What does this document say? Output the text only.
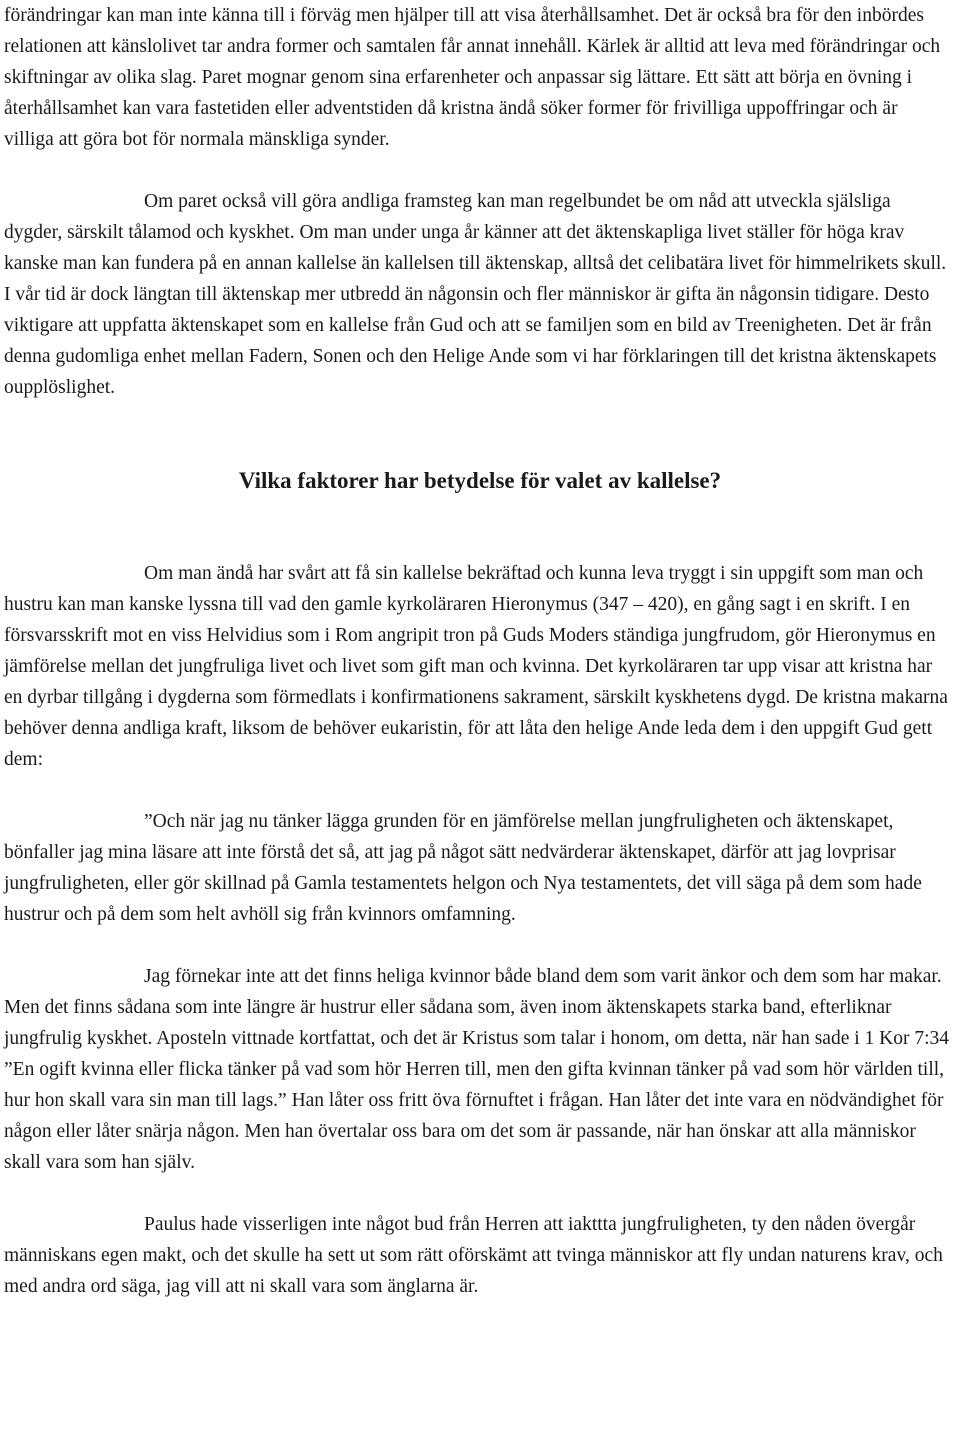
förändringar kan man inte känna till i förväg men hjälper till att visa återhållsamhet. Det är också bra för den inbördes relationen att känslolivet tar andra former och samtalen får annat innehåll. Kärlek är alltid att leva med förändringar och skiftningar av olika slag. Paret mognar genom sina erfarenheter och anpassar sig lättare. Ett sätt att börja en övning i återhållsamhet kan vara fastetiden eller adventstiden då kristna ändå söker former för frivilliga uppoffringar och är villiga att göra bot för normala mänskliga synder.

Om paret också vill göra andliga framsteg kan man regelbundet be om nåd att utveckla själsliga dygder, särskilt tålamod och kyskhet. Om man under unga år känner att det äktenskapliga livet ställer för höga krav kanske man kan fundera på en annan kallelse än kallelsen till äktenskap, alltså det celibatära livet för himmelrikets skull. I vår tid är dock längtan till äktenskap mer utbredd än någonsin och fler människor är gifta än någonsin tidigare. Desto viktigare att uppfatta äktenskapet som en kallelse från Gud och att se familjen som en bild av Treenigheten. Det är från denna gudomliga enhet mellan Fadern, Sonen och den Helige Ande som vi har förklaringen till det kristna äktenskapets oupplöslighet.

Vilka faktorer har betydelse för valet av kallelse?

Om man ändå har svårt att få sin kallelse bekräftad och kunna leva tryggt i sin uppgift som man och hustru kan man kanske lyssna till vad den gamle kyrkoläraren Hieronymus (347 – 420), en gång sagt i en skrift. I en försvarsskrift mot en viss Helvidius som i Rom angripit tron på Guds Moders ständiga jungfrudom, gör Hieronymus en jämförelse mellan det jungfruliga livet och livet som gift man och kvinna. Det kyrkoläraren tar upp visar att kristna har en dyrbar tillgång i dygderna som förmedlats i konfirmationens sakrament, särskilt kyskhetens dygd. De kristna makarna behöver denna andliga kraft, liksom de behöver eukaristin, för att låta den helige Ande leda dem i den uppgift Gud gett dem:

”Och när jag nu tänker lägga grunden för en jämförelse mellan jungfruligheten och äktenskapet, bönfaller jag mina läsare att inte förstå det så, att jag på något sätt nedvärderar äktenskapet, därför att jag lovprisar jungfruligheten, eller gör skillnad på Gamla testamentets helgon och Nya testamentets, det vill säga på dem som hade hustrur och på dem som helt avhöll sig från kvinnors omfamning.

Jag förnekar inte att det finns heliga kvinnor både bland dem som varit änkor och dem som har makar. Men det finns sådana som inte längre är hustrur eller sådana som, även inom äktenskapets starka band, efterliknar jungfrulig kyskhet. Aposteln vittnade kortfattat, och det är Kristus som talar i honom, om detta, när han sade i 1 Kor 7:34 ”En ogift kvinna eller flicka tänker på vad som hör Herren till, men den gifta kvinnan tänker på vad som hör världen till, hur hon skall vara sin man till lags.” Han låter oss fritt öva förnuftet i frågan. Han låter det inte vara en nödvändighet för någon eller låter snärja någon. Men han övertalar oss bara om det som är passande, när han önskar att alla människor skall vara som han själv.

Paulus hade visserligen inte något bud från Herren att iakttta jungfruligheten, ty den nåden övergår människans egen makt, och det skulle ha sett ut som rätt oförskämt att tvinga människor att fly undan naturens krav, och med andra ord säga, jag vill att ni skall vara som änglarna är.
